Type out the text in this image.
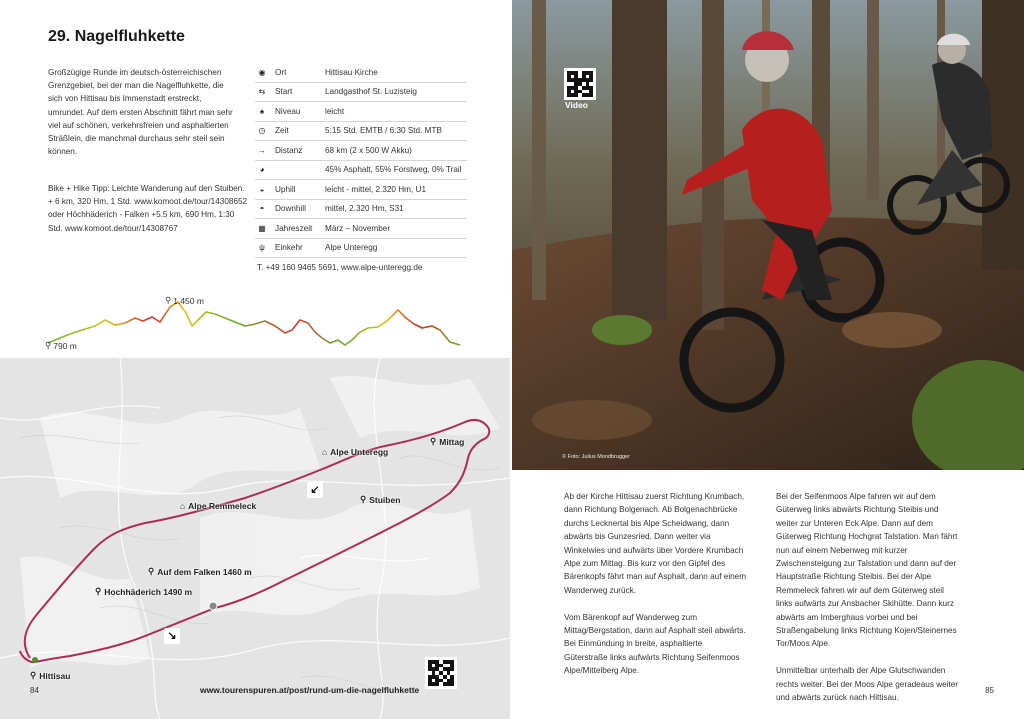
29. Nagelfluhkette
Großzügige Runde im deutsch-österreichischen Grenzgebiet, bei der man die Nagelfluhkette, die sich von Hittisau bis Immenstadt erstreckt, umrundet. Auf dem ersten Abschnitt fährt man sehr viel auf schönen, verkehrsfreien und asphaltierten Sträßlein, die manchmal durchaus sehr steil sein können.
Bike + Hike Tipp: Leichte Wanderung auf den Stuiben. + 6 km, 320 Hm, 1 Std. www.komoot.de/tour/14308652 oder Höchhäderich - Falken +5.5 km, 690 Hm, 1:30 Std. www.komoot.de/tour/14308767
◉	Ort	Hittisau Kirche
⇆	Start	Landgasthof St. Luzisteig
♠	Niveau	leicht
◷	Zeit	5:15 Std. EMTB / 6:30 Std. MTB
→	Distanz	68 km (2 x 500 W Akku)
◕	45% Asphalt, 55% Forstweg, 0% Trail
◒	Uphill	leicht - mittel, 2.320 Hm, U1
◓	Downhill	mittel, 2.320 Hm, S31
▦	Jahreszeit	März – November
ψ	Einkehr	Alpe Unteregg
T. +49 160 9465 5691, www.alpe-unteregg.de
⚲ 1.450 m
⚲ 790 m
⌂ Alpe Unteregg
⚲ Mittag
⌂ Alpe Remmeleck
⚲ Stuiben
⚲ Auf dem Falken 1460 m
⚲ Hochhäderich 1490 m
⚲ Hittisau
↙
↘
84	www.tourenspuren.at/post/rund-um-die-nagelfluhkette
Video
© Foto: Julius Mondbrugger

Ab der Kirche Hittisau zuerst Richtung Krumbach, dann Richtung Bolgenach. Ab Bolgenachbrücke durchs Lecknertal bis Alpe Scheidwang, dann abwärts bis Gunzesried. Dann weiter via Winkelwies und aufwärts über Vordere Krumbach Alpe zum Mittag. Bis kurz vor den Gipfel des Bärenkopfs fährt man auf Asphalt, dann auf einem Wanderweg zurück.

Vom Bärenkopf auf Wanderweg zum Mittag/Bergstation, dann auf Asphalt steil abwärts. Bei Einmündung in breite, asphaltierte Güterstraße links aufwärts Richtung Seifenmoos Alpe/Mittelberg Alpe.

Bei der Seifenmoos Alpe fahren wir auf dem Güterweg links abwärts Richtung Steibis und weiter zur Unteren Eck Alpe. Dann auf dem Güterweg Richtung Hochgrat Talstation. Man fährt nun auf einem Nebenweg mit kurzer Zwischensteigung zur Talstation und dann auf der Hauptstraße Richtung Steibis. Bei der Alpe Remmeleck fahren wir auf dem Güterweg steil links aufwärts zur Ansbacher Skihütte. Dann kurz abwärts am Imberghaus vorbei und bei Straßengabelung links Richtung Kojen/Steinernes Tor/Moos Alpe.

Unmittelbar unterhalb der Alpe Glutschwanden rechts weiter. Bei der Moos Alpe geradeaus weiter und abwärts zurück nach Hittisau.

85
